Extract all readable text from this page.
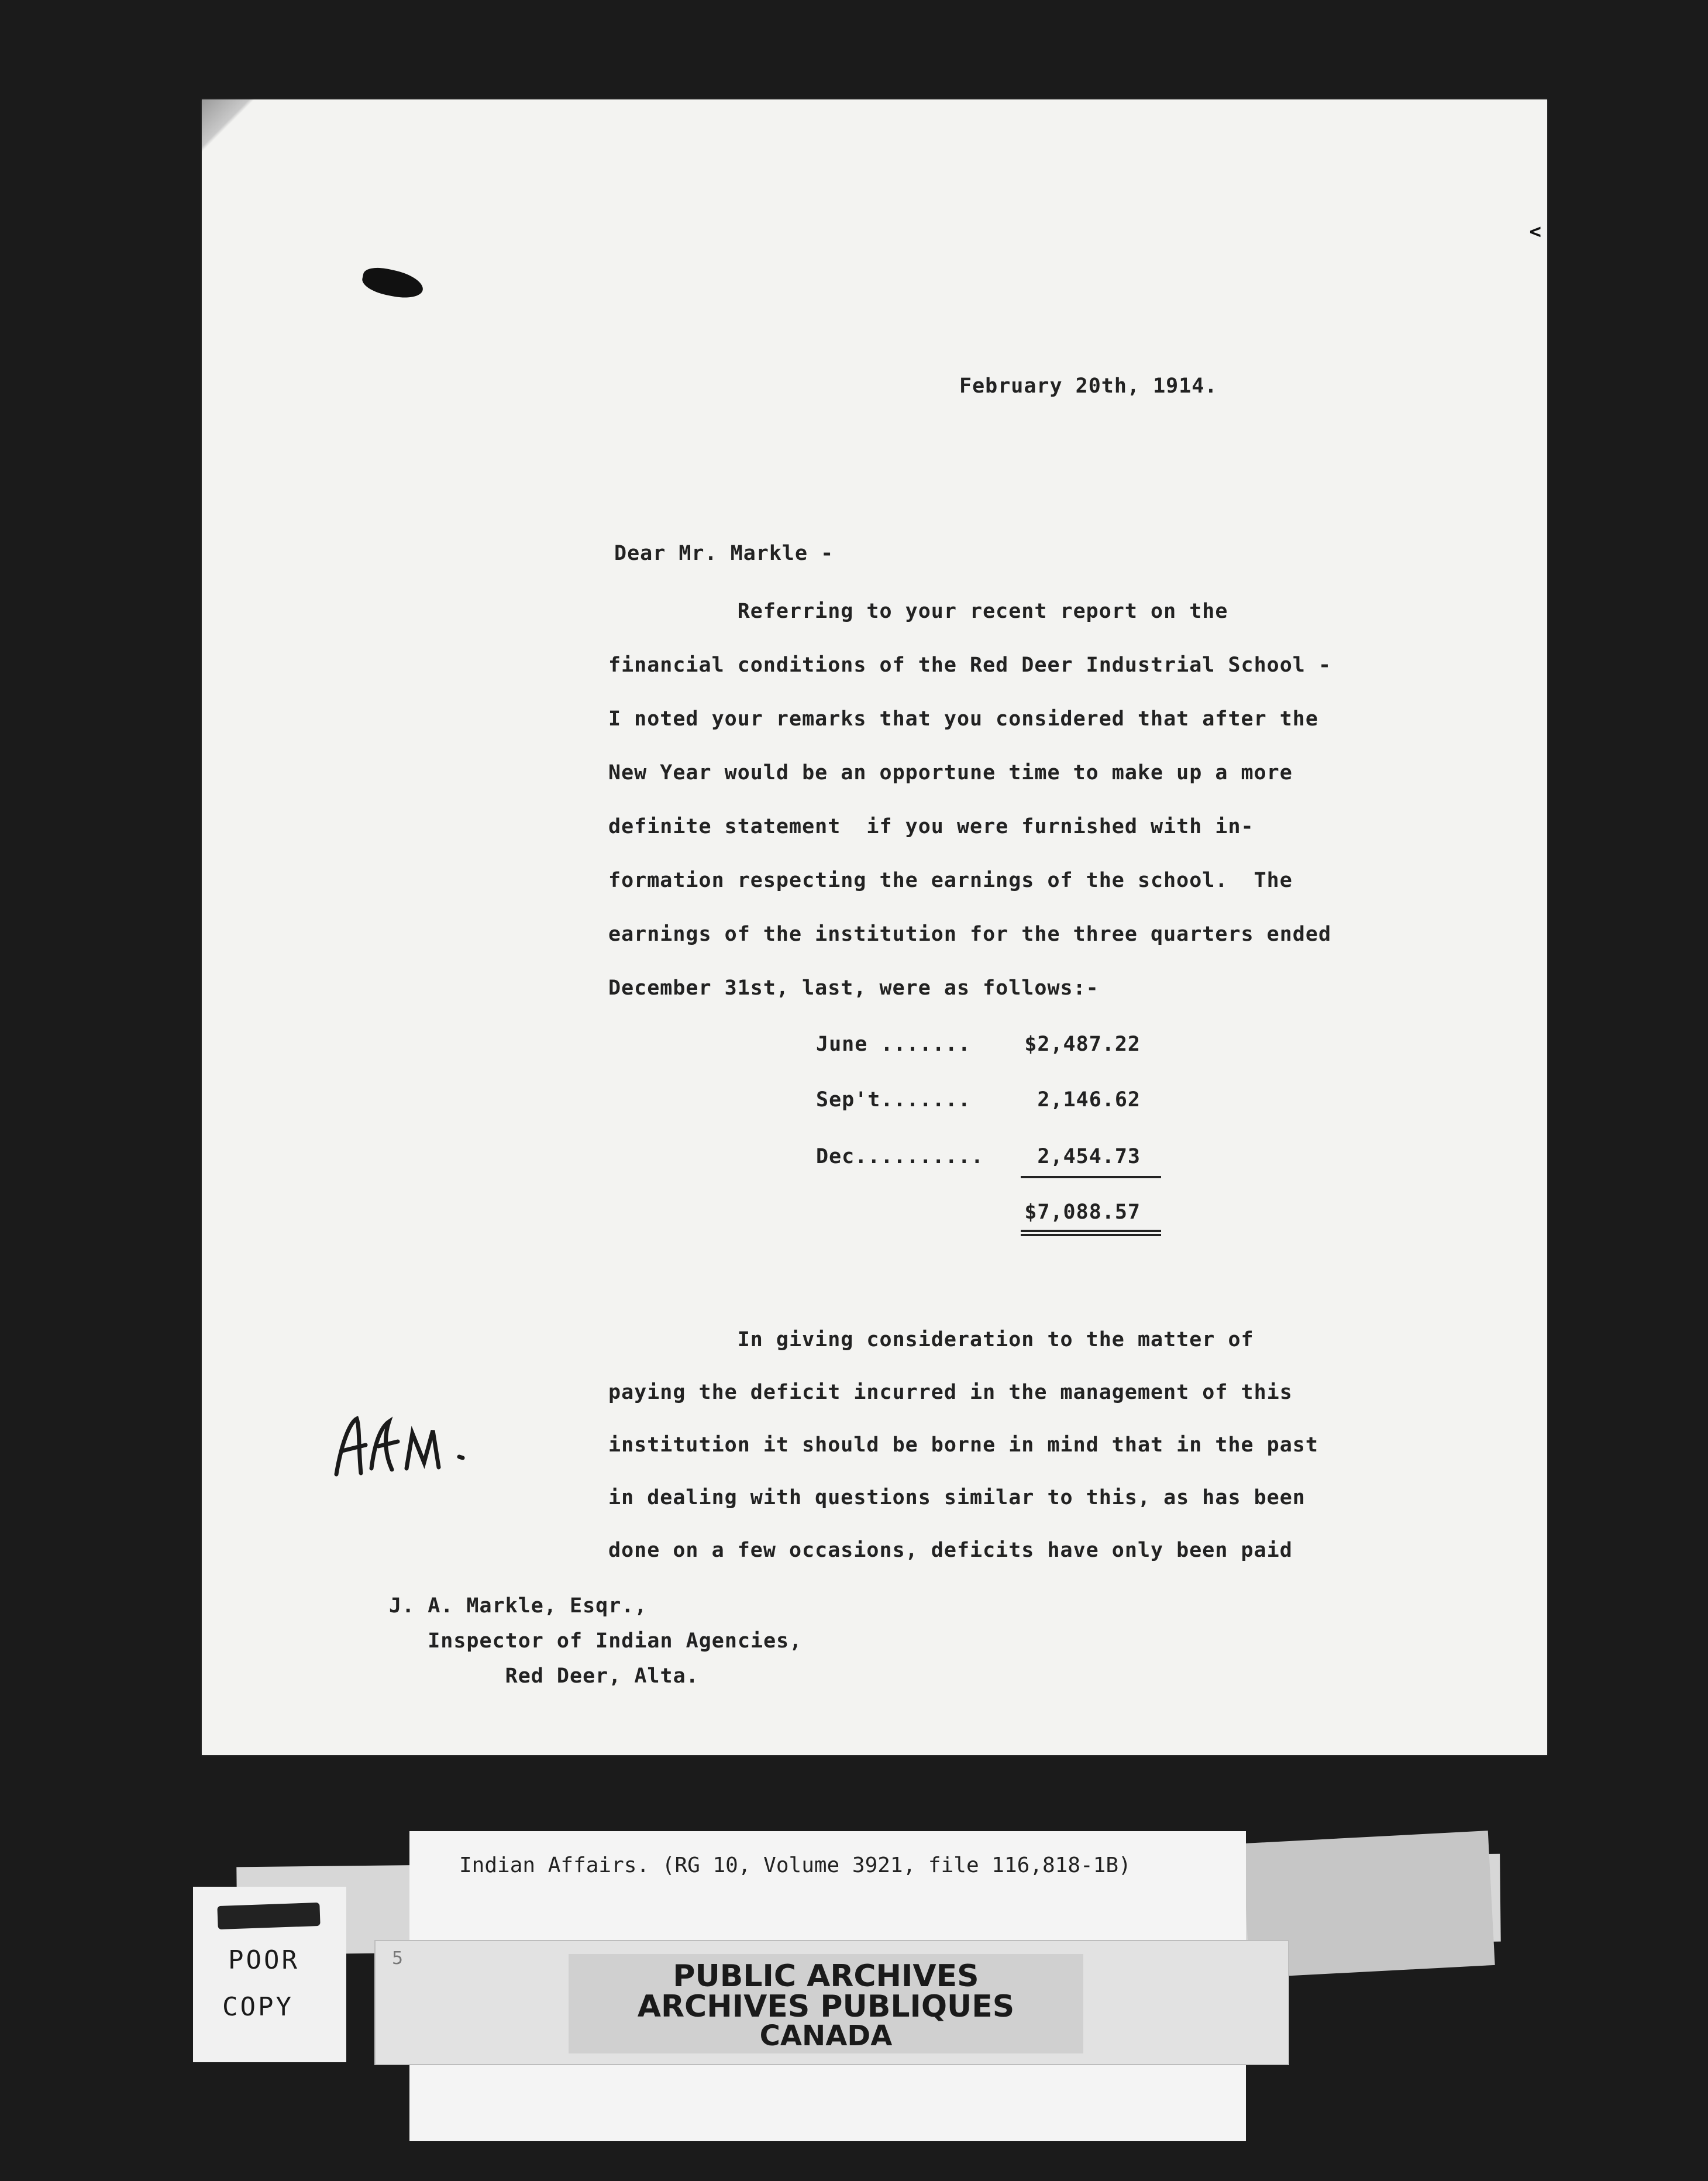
<
February 20th, 1914.
Dear Mr. Markle -
Referring to your recent report on the
financial conditions of the Red Deer Industrial School -
I noted your remarks that you considered that after the
New Year would be an opportune time to make up a more
definite statement  if you were furnished with in-
formation respecting the earnings of the school.  The
earnings of the institution for the three quarters ended
December 31st, last, were as follows:-
June .......	$2,487.22
Sep't.......	2,146.62
Dec..........	2,454.73
$7,088.57
In giving consideration to the matter of
paying the deficit incurred in the management of this
institution it should be borne in mind that in the past
in dealing with questions similar to this, as has been
done on a few occasions, deficits have only been paid
J. A. Markle, Esqr.,
Inspector of Indian Agencies,
Red Deer, Alta.
Indian Affairs. (RG 10, Volume 3921, file 116,818-1B)
PUBLIC ARCHIVES
ARCHIVES PUBLIQUES
CANADA
5
POOR
COPY
